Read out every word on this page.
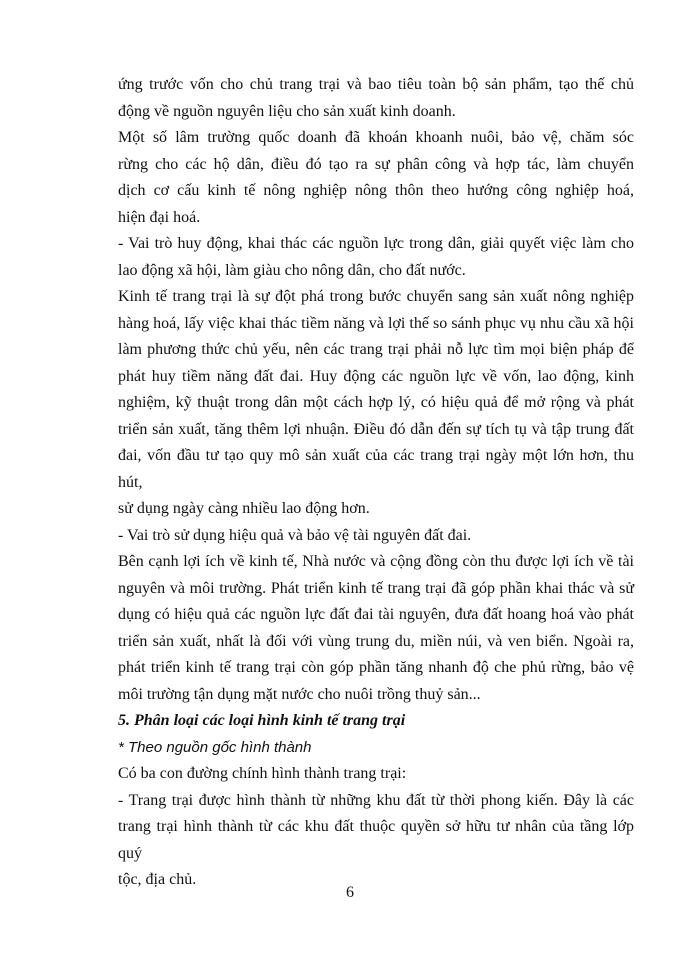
ứng trước vốn cho chủ trang trại và bao tiêu toàn bộ sản phẩm, tạo thế chủ

động về nguồn nguyên liệu cho sản xuất kinh doanh.

Một số lâm trường quốc doanh đã khoán khoanh nuôi, bảo vệ, chăm sóc

rừng cho các hộ dân, điều đó tạo ra sự phân công và hợp tác, làm chuyển

dịch cơ cấu kinh tế nông nghiệp nông thôn theo hướng công nghiệp hoá,

hiện đại hoá.

- Vai trò huy động, khai thác các nguồn lực trong dân, giải quyết việc làm cho

lao động xã hội, làm giàu cho nông dân, cho đất nước.

Kinh tế trang trại là sự đột phá trong bước chuyển sang sản xuất nông nghiệp

hàng hoá, lấy việc khai thác tiềm năng và lợi thế so sánh phục vụ nhu cầu xã hội

làm phương thức chủ yếu, nên các trang trại phải nỗ lực tìm mọi biện pháp để

phát huy tiềm năng đất đai. Huy động các nguồn lực về vốn, lao động, kinh

nghiệm, kỹ thuật trong dân một cách hợp lý, có hiệu quả để mở rộng và phát

triển sản xuất, tăng thêm lợi nhuận. Điều đó dẫn đến sự tích tụ và tập trung đất

đai, vốn đầu tư tạo quy mô sản xuất của các trang trại ngày một lớn hơn, thu hút,

sử dụng ngày càng nhiều lao động hơn.

- Vai trò sử dụng hiệu quả và bảo vệ tài nguyên đất đai.

Bên cạnh lợi ích về kinh tế, Nhà nước và cộng đồng còn thu được lợi ích về tài

nguyên và môi trường. Phát triển kinh tế trang trại đã góp phần khai thác và sử

dụng có hiệu quả các nguồn lực đất đai tài nguyên, đưa đất hoang hoá vào phát

triển sản xuất, nhất là đối với vùng trung du, miền núi, và ven biển. Ngoài ra,

phát triển kinh tế trang trại còn góp phần tăng nhanh độ che phủ rừng, bảo vệ

môi trường tận dụng mặt nước cho nuôi trồng thuỷ sản...

5. Phân loại các loại hình kinh tế trang trại

* Theo nguồn gốc hình thành

Có ba con đường chính hình thành trang trại:

- Trang trại được hình thành từ những khu đất từ thời phong kiến. Đây là các

trang trại hình thành từ các khu đất thuộc quyền sở hữu tư nhân của tầng lớp quý

tộc, địa chủ.

6
